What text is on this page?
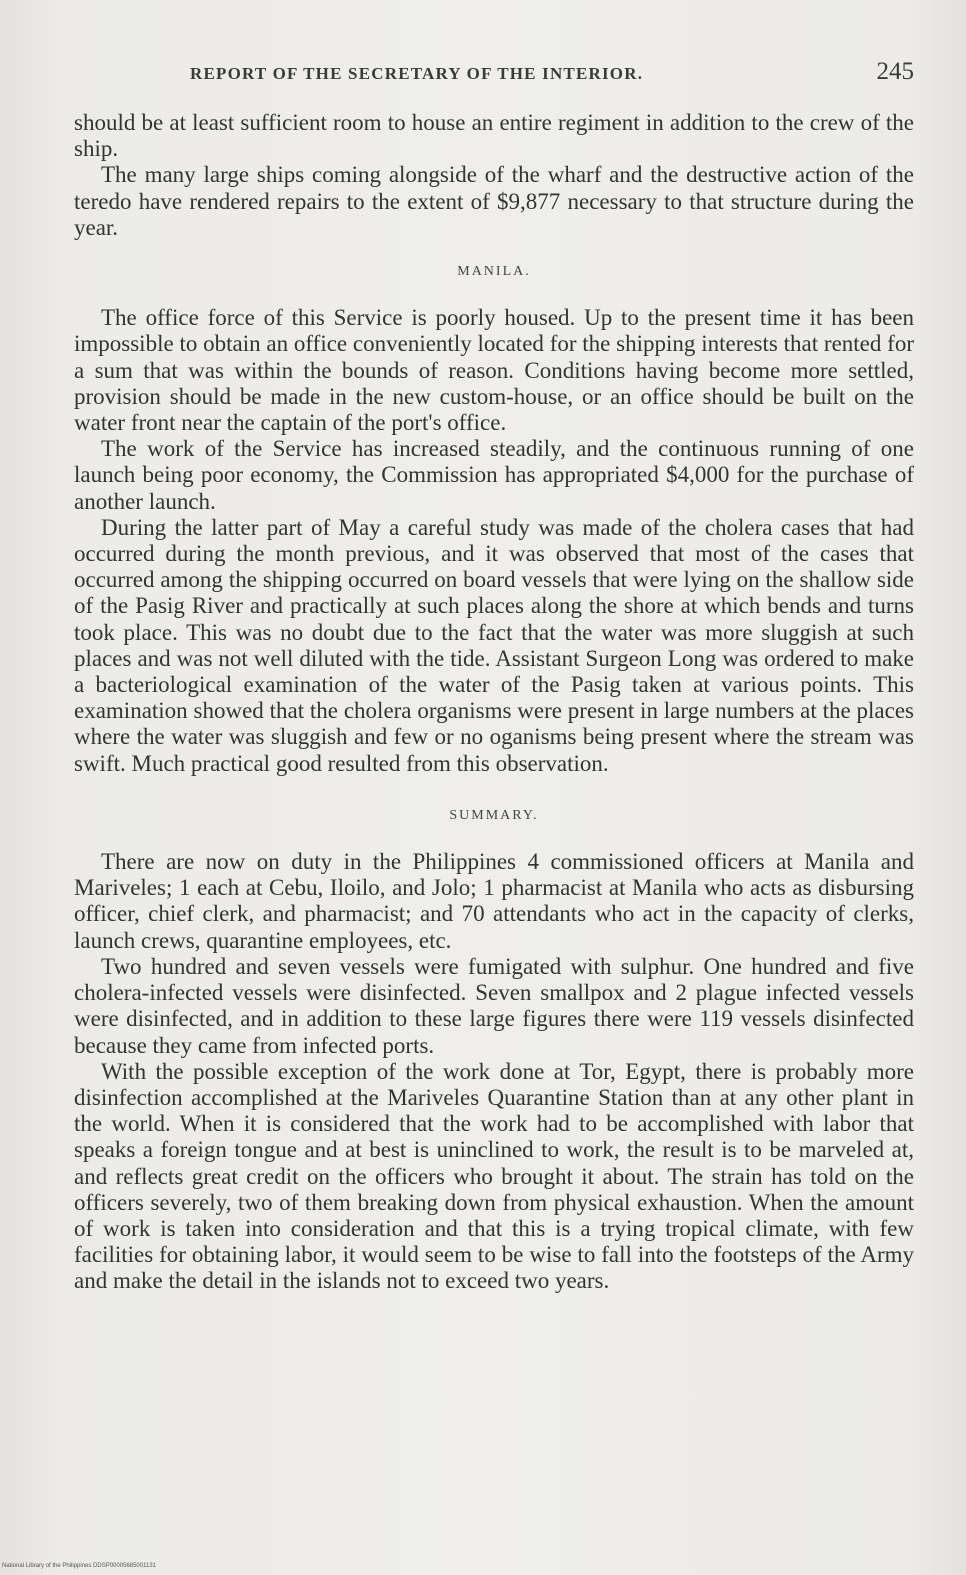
REPORT OF THE SECRETARY OF THE INTERIOR.	245

should be at least sufficient room to house an entire regiment in addition to the crew of the ship.

The many large ships coming alongside of the wharf and the destructive action of the teredo have rendered repairs to the extent of $9,877 necessary to that structure during the year.

MANILA.

The office force of this Service is poorly housed. Up to the present time it has been impossible to obtain an office conveniently located for the shipping interests that rented for a sum that was within the bounds of reason. Conditions having become more settled, provision should be made in the new custom-house, or an office should be built on the water front near the captain of the port's office.

The work of the Service has increased steadily, and the continuous running of one launch being poor economy, the Commission has appropriated $4,000 for the purchase of another launch.

During the latter part of May a careful study was made of the cholera cases that had occurred during the month previous, and it was observed that most of the cases that occurred among the shipping occurred on board vessels that were lying on the shallow side of the Pasig River and practically at such places along the shore at which bends and turns took place. This was no doubt due to the fact that the water was more sluggish at such places and was not well diluted with the tide. Assistant Surgeon Long was ordered to make a bacteriological examination of the water of the Pasig taken at various points. This examination showed that the cholera organisms were present in large numbers at the places where the water was sluggish and few or no oganisms being present where the stream was swift. Much practical good resulted from this observation.

SUMMARY.

There are now on duty in the Philippines 4 commissioned officers at Manila and Mariveles; 1 each at Cebu, Iloilo, and Jolo; 1 pharmacist at Manila who acts as disbursing officer, chief clerk, and pharmacist; and 70 attendants who act in the capacity of clerks, launch crews, quarantine employees, etc.

Two hundred and seven vessels were fumigated with sulphur. One hundred and five cholera-infected vessels were disinfected. Seven smallpox and 2 plague infected vessels were disinfected, and in addition to these large figures there were 119 vessels disinfected because they came from infected ports.

With the possible exception of the work done at Tor, Egypt, there is probably more disinfection accomplished at the Mariveles Quarantine Station than at any other plant in the world. When it is considered that the work had to be accomplished with labor that speaks a foreign tongue and at best is uninclined to work, the result is to be marveled at, and reflects great credit on the officers who brought it about. The strain has told on the officers severely, two of them breaking down from physical exhaustion. When the amount of work is taken into consideration and that this is a trying tropical climate, with few facilities for obtaining labor, it would seem to be wise to fall into the footsteps of the Army and make the detail in the islands not to exceed two years.

National Library of the Philippines DDSP00005685001131
